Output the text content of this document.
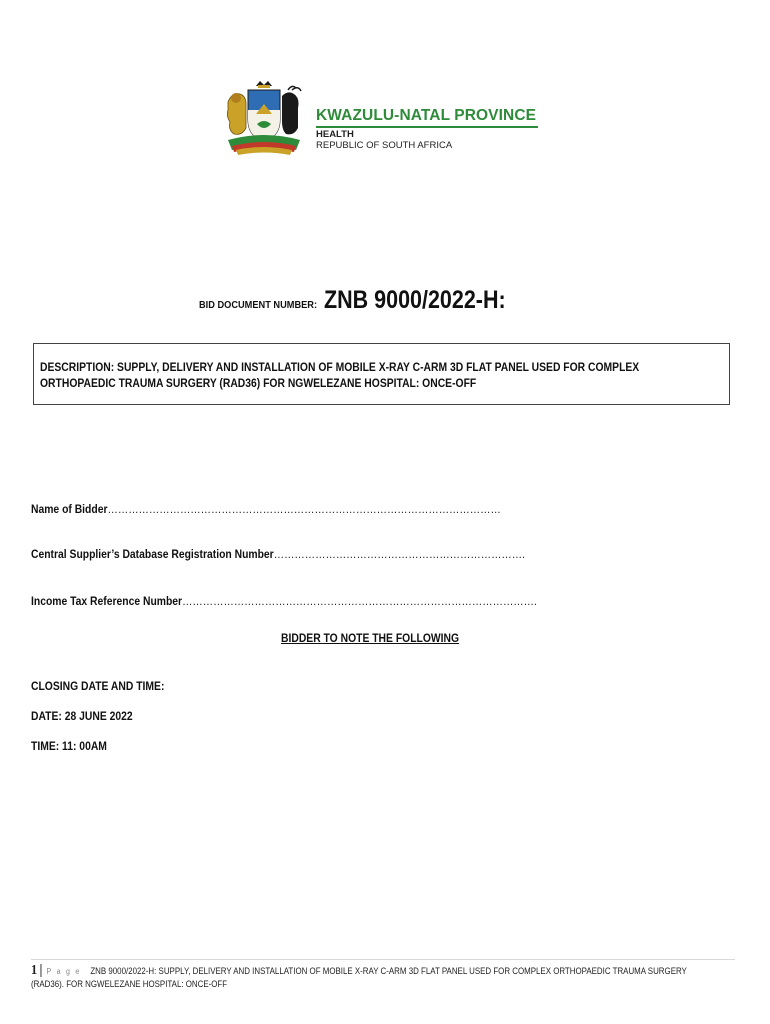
KWAZULU-NATAL PROVINCE
HEALTH
REPUBLIC OF SOUTH AFRICA
BID DOCUMENT NUMBER: ZNB 9000/2022-H:
DESCRIPTION: SUPPLY, DELIVERY AND INSTALLATION OF MOBILE X-RAY C-ARM 3D FLAT PANEL USED FOR COMPLEX
ORTHOPAEDIC TRAUMA SURGERY (RAD36) FOR NGWELEZANE HOSPITAL: ONCE-OFF
Name of Bidder……………………………………………………………………………………………………
Central Supplier’s Database Registration Number……………………………………………………………….
Income Tax Reference Number………………………………………………………………………………………….
BIDDER TO NOTE THE FOLLOWING
CLOSING DATE AND TIME:
DATE: 28 JUNE 2022
TIME: 11: 00AM
1 | P a g e ZNB 9000/2022-H: SUPPLY, DELIVERY AND INSTALLATION OF MOBILE X-RAY C-ARM 3D FLAT PANEL USED FOR COMPLEX ORTHOPAEDIC TRAUMA SURGERY (RAD36). FOR NGWELEZANE HOSPITAL: ONCE-OFF
